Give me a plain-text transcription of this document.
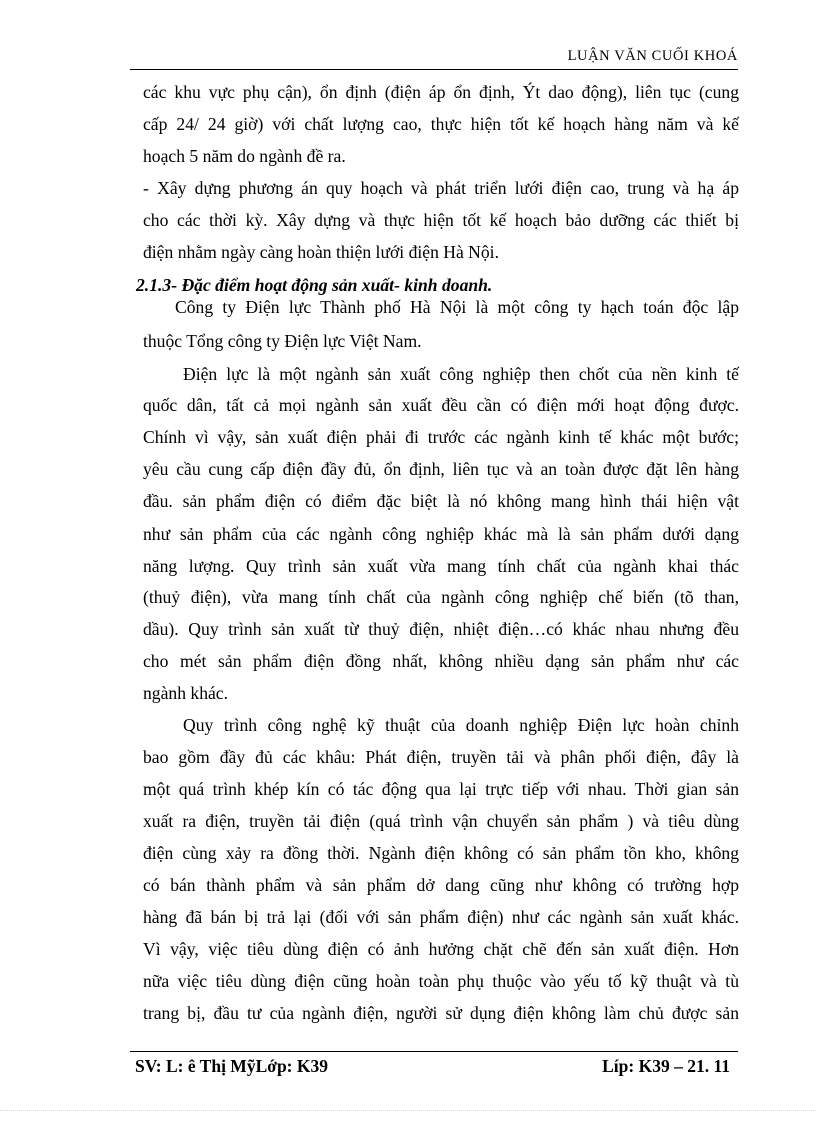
LUẬN VĂN CUỐI KHOÁ
các khu vực phụ cận), ổn định (điện áp ổn định, Ýt dao động), liên tục (cung
cấp 24/ 24 giờ) với chất lượng cao, thực hiện tốt kế hoạch hàng năm và kế
hoạch 5 năm do ngành đề ra.
- Xây dựng phương án quy hoạch và phát triển lưới điện cao, trung và hạ áp
cho các thời kỳ. Xây dựng và thực hiện tốt kế hoạch bảo dưỡng các thiết bị
điện nhằm ngày càng hoàn thiện lưới điện Hà Nội.
2.1.3- Đặc điểm hoạt động sản xuất- kinh doanh.
Công ty Điện lực Thành phố Hà Nội là một công ty hạch toán độc lập
thuộc Tổng công ty Điện lực Việt Nam.
Điện lực là một ngành sản xuất công nghiệp then chốt của nền kinh tế
quốc dân, tất cả mọi ngành sản xuất đều cần có điện mới hoạt động được.
Chính vì vậy, sản xuất điện phải đi trước các ngành kinh tế khác một bước;
yêu cầu cung cấp điện đầy đủ, ổn định, liên tục và an toàn được đặt lên hàng
đầu. sản phẩm điện có điểm đặc biệt là nó không mang hình thái hiện vật
như sản phẩm của các ngành công nghiệp khác mà là sản phẩm dưới dạng
năng lượng. Quy trình sản xuất vừa mang tính chất của ngành khai thác
(thuỷ điện), vừa mang tính chất của ngành công nghiệp chế biến (tõ than,
dầu). Quy trình sản xuất từ thuỷ điện, nhiệt điện…có khác nhau nhưng đều
cho mét sản phẩm điện đồng nhất, không nhiều dạng sản phẩm như các
ngành khác.
Quy trình công nghệ kỹ thuật của doanh nghiệp Điện lực hoàn chỉnh
bao gồm đầy đủ các khâu: Phát điện, truyền tải và phân phối điện, đây là
một quá trình khép kín có tác động qua lại trực tiếp với nhau. Thời gian sản
xuất ra điện, truyền tải điện (quá trình vận chuyển sản phẩm ) và tiêu dùng
điện cùng xảy ra đồng thời. Ngành điện không có sản phẩm tồn kho, không
có bán thành phẩm và sản phẩm dở dang cũng như không có trường hợp
hàng đã bán bị trả lại (đối với sản phẩm điện) như các ngành sản xuất khác.
Vì vậy, việc tiêu dùng điện có ảnh hưởng chặt chẽ đến sản xuất điện. Hơn
nữa việc tiêu dùng điện cũng hoàn toàn phụ thuộc vào yếu tố kỹ thuật và tù
trang bị, đầu tư của ngành điện, người sử dụng điện không làm chủ được sản
SV: L: ê Thị MỹLớp: K39	Líp: K39 – 21. 11
